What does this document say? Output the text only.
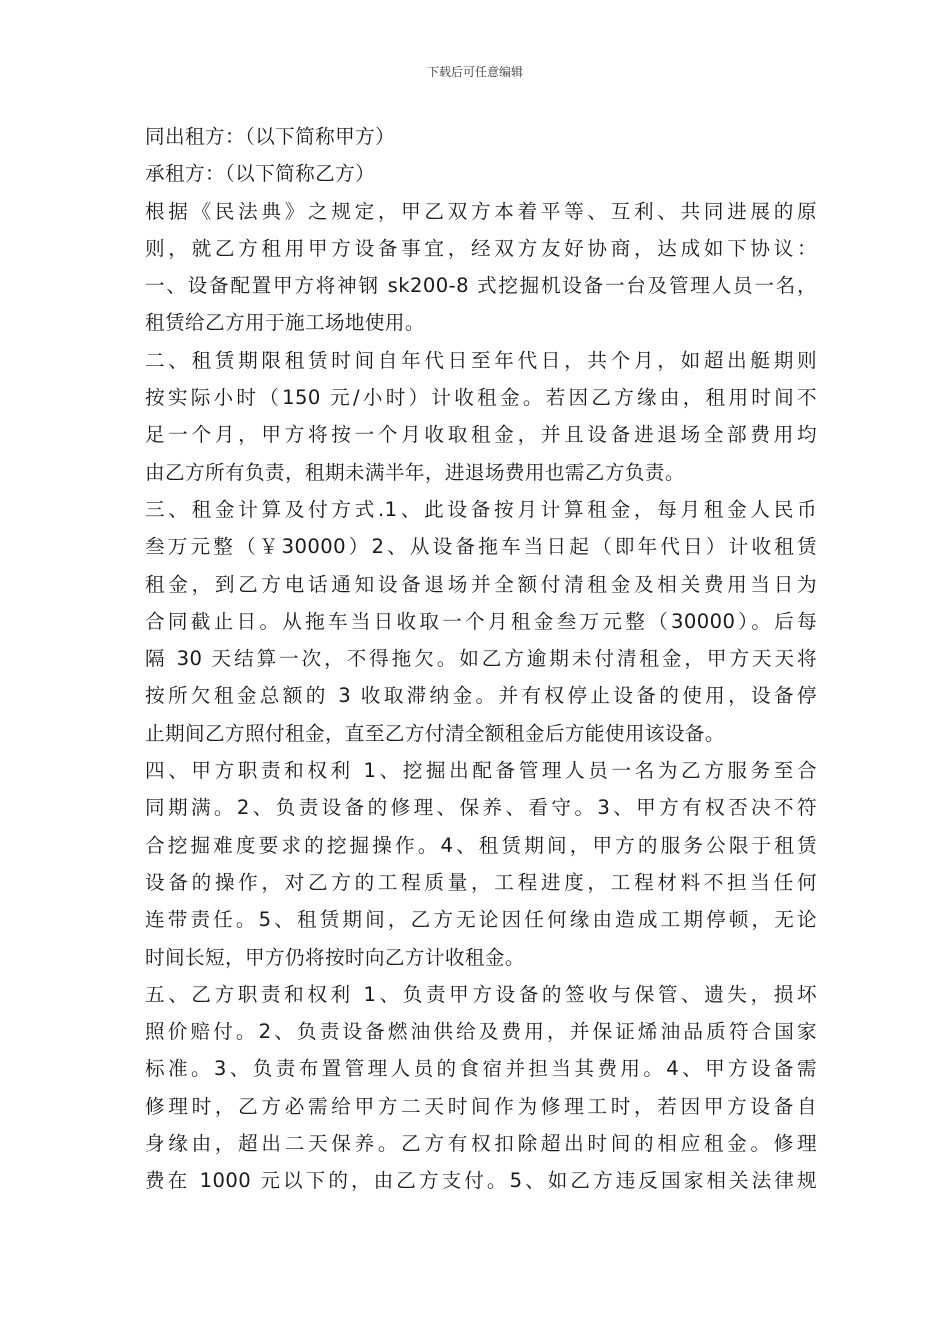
下载后可任意编辑
同出租方：（以下简称甲方）
承租方：（以下简称乙方）
根据《民法典》之规定，甲乙双方本着平等、互利、共同进展的原
则，就乙方租用甲方设备事宜，经双方友好协商，达成如下协议：
一、设备配置甲方将神钢 sk200-8 式挖掘机设备一台及管理人员一名，
租赁给乙方用于施工场地使用。
二、租赁期限租赁时间自年代日至年代日，共个月，如超出艇期则
按实际小时（150 元/小时）计收租金。若因乙方缘由，租用时间不
足一个月，甲方将按一个月收取租金，并且设备进退场全部费用均
由乙方所有负责，租期未满半年，进退场费用也需乙方负责。
三、租金计算及付方式.1、此设备按月计算租金，每月租金人民币
叁万元整（￥30000）2、从设备拖车当日起（即年代日）计收租赁
租金，到乙方电话通知设备退场并全额付清租金及相关费用当日为
合同截止日。从拖车当日收取一个月租金叁万元整（30000）。后每
隔 30 天结算一次，不得拖欠。如乙方逾期未付清租金，甲方天天将
按所欠租金总额的 3 收取滞纳金。并有权停止设备的使用，设备停
止期间乙方照付租金，直至乙方付清全额租金后方能使用该设备。
四、甲方职责和权利 1、挖掘出配备管理人员一名为乙方服务至合
同期满。2、负责设备的修理、保养、看守。3、甲方有权否决不符
合挖掘难度要求的挖掘操作。4、租赁期间，甲方的服务公限于租赁
设备的操作，对乙方的工程质量，工程进度，工程材料不担当任何
连带责任。5、租赁期间，乙方无论因任何缘由造成工期停顿，无论
时间长短，甲方仍将按时向乙方计收租金。
五、乙方职责和权利 1、负责甲方设备的签收与保管、遗失，损坏
照价赔付。2、负责设备燃油供给及费用，并保证烯油品质符合国家
标准。3、负责布置管理人员的食宿并担当其费用。4、甲方设备需
修理时，乙方必需给甲方二天时间作为修理工时，若因甲方设备自
身缘由，超出二天保养。乙方有权扣除超出时间的相应租金。修理
费在 1000 元以下的，由乙方支付。5、如乙方违反国家相关法律规
